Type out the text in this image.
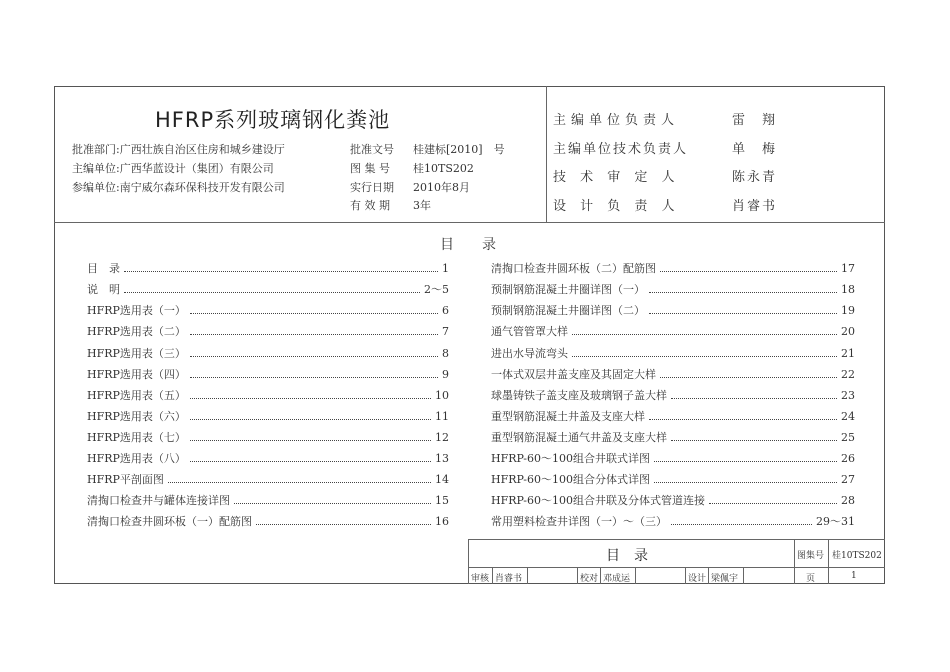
HFRP系列玻璃钢化粪池
批准部门:广西壮族自治区住房和城乡建设厅
主编单位:广西华蓝设计（集团）有限公司
参编单位:南宁威尔森环保科技开发有限公司
批准文号 桂建标[2010]　号
图 集 号 桂10TS202
实行日期 2010年8月
有 效 期 3年
主编单位负责人	雷　翔
主编单位技术负责人	单　梅
技 术 审 定 人	陈永青
设 计 负 责 人	肖睿书
目录
目　录	1
说　明	2～5
HFRP选用表（一）	6
HFRP选用表（二）	7
HFRP选用表（三）	8
HFRP选用表（四）	9
HFRP选用表（五）	10
HFRP选用表（六）	11
HFRP选用表（七）	12
HFRP选用表（八）	13
HFRP平剖面图	14
清掏口检查井与罐体连接详图	15
清掏口检查井圆环板（一）配筋图	16
清掏口检查井圆环板（二）配筋图	17
预制钢筋混凝土井圈详图（一）	18
预制钢筋混凝土井圈详图（二）	19
通气管管罩大样	20
进出水导流弯头	21
一体式双层井盖支座及其固定大样	22
球墨铸铁子盖支座及玻璃钢子盖大样	23
重型钢筋混凝土井盖及支座大样	24
重型钢筋混凝土通气井盖及支座大样	25
HFRP-60～100组合井联式详图	26
HFRP-60～100组合分体式详图	27
HFRP-60～100组合井联及分体式管道连接	28
常用塑料检查井详图（一）～（三）	29～31
目录	图集号 桂10TS202
审核 肖睿书	校对 邓成运	设计 梁佩宇	页	1
